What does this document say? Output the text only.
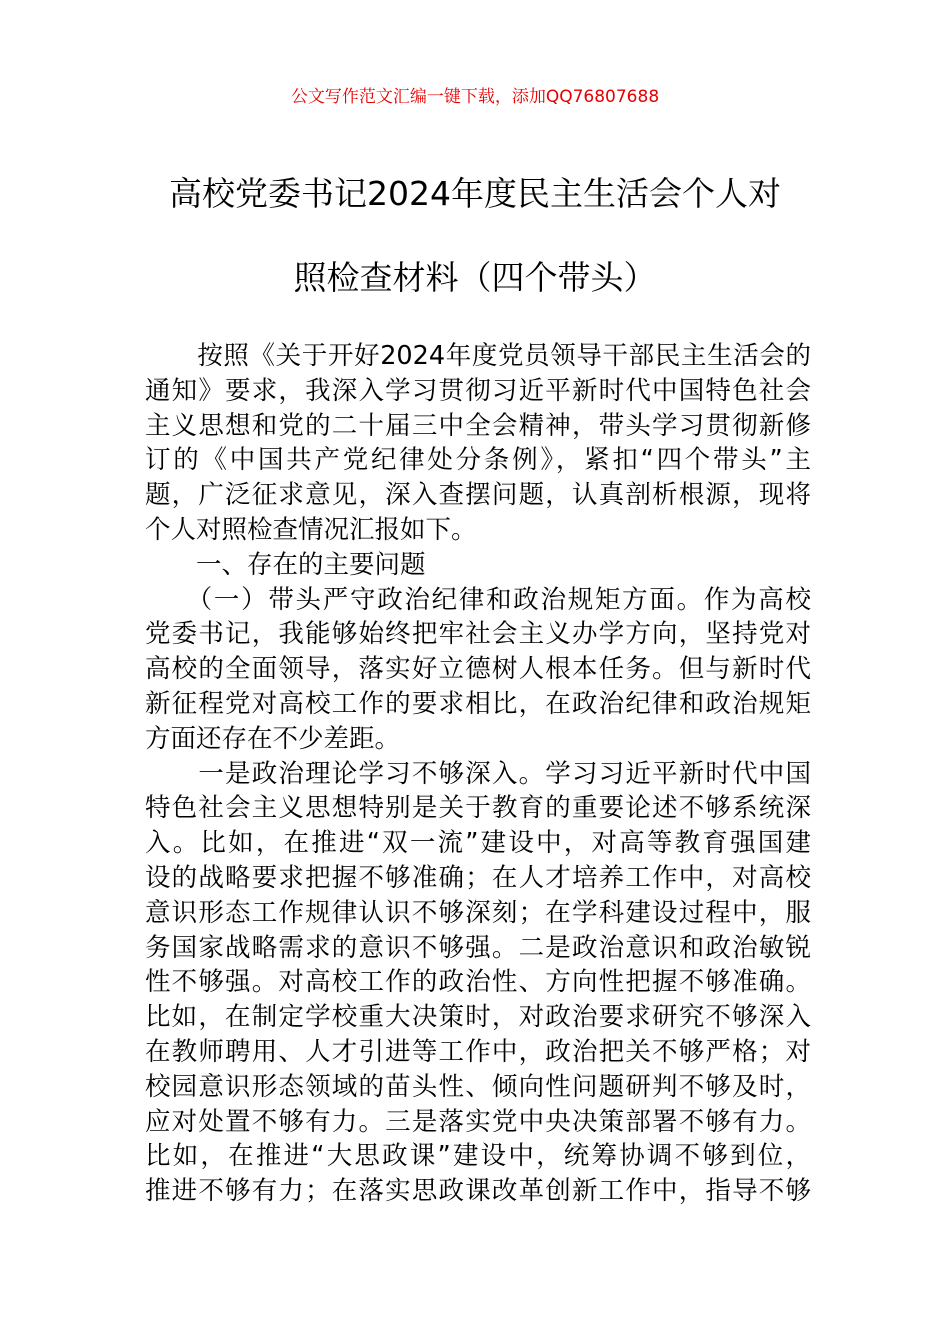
公文写作范文汇编一键下载，添加QQ76807688
高校党委书记2024年度民主生活会个人对
照检查材料（四个带头）
　　按照《关于开好2024年度党员领导干部民主生活会的
通知》要求，我深入学习贯彻习近平新时代中国特色社会
主义思想和党的二十届三中全会精神，带头学习贯彻新修
订的《中国共产党纪律处分条例》，紧扣“四个带头”主
题，广泛征求意见，深入查摆问题，认真剖析根源，现将
个人对照检查情况汇报如下。
　　一、存在的主要问题
　　（一）带头严守政治纪律和政治规矩方面。作为高校
党委书记，我能够始终把牢社会主义办学方向，坚持党对
高校的全面领导，落实好立德树人根本任务。但与新时代
新征程党对高校工作的要求相比，在政治纪律和政治规矩
方面还存在不少差距。
　　一是政治理论学习不够深入。学习习近平新时代中国
特色社会主义思想特别是关于教育的重要论述不够系统深
入。比如，在推进“双一流”建设中，对高等教育强国建
设的战略要求把握不够准确；在人才培养工作中，对高校
意识形态工作规律认识不够深刻；在学科建设过程中，服
务国家战略需求的意识不够强。二是政治意识和政治敏锐
性不够强。对高校工作的政治性、方向性把握不够准确。
比如，在制定学校重大决策时，对政治要求研究不够深入
在教师聘用、人才引进等工作中，政治把关不够严格；对
校园意识形态领域的苗头性、倾向性问题研判不够及时，
应对处置不够有力。三是落实党中央决策部署不够有力。
比如，在推进“大思政课”建设中，统筹协调不够到位，
推进不够有力；在落实思政课改革创新工作中，指导不够
